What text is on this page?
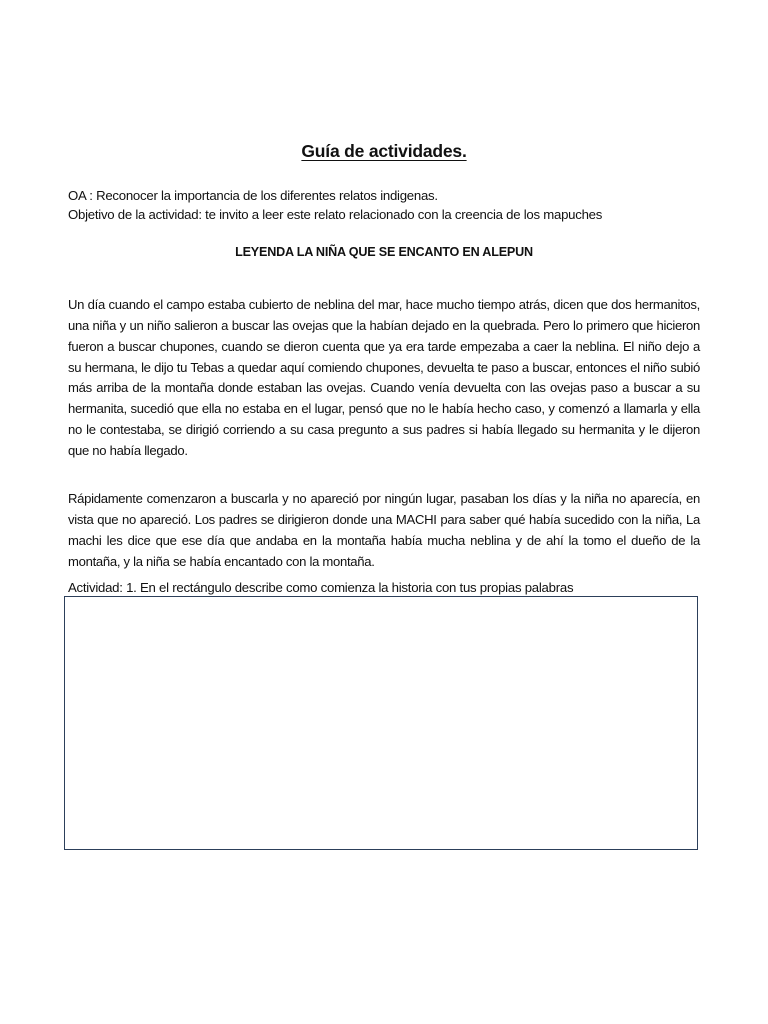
Guía de actividades.
OA : Reconocer la importancia de los diferentes relatos indigenas.
Objetivo de la actividad: te invito a leer este relato relacionado con la creencia de los mapuches
LEYENDA LA NIÑA QUE SE ENCANTO EN ALEPUN

Un día cuando el campo estaba cubierto de neblina del mar, hace mucho tiempo atrás, dicen que dos hermanitos, una niña y un niño salieron a buscar las ovejas que la habían dejado en la quebrada. Pero lo primero que hicieron fueron a buscar chupones, cuando se dieron cuenta que ya era tarde empezaba a caer la neblina. El niño dejo a su hermana, le dijo tu Tebas a quedar aquí comiendo chupones, devuelta te paso a buscar, entonces el niño subió más arriba de la montaña donde estaban las ovejas. Cuando venía devuelta con las ovejas paso a buscar a su hermanita, sucedió que ella no estaba en el lugar, pensó que no le había hecho caso, y comenzó a llamarla y ella no le contestaba, se dirigió corriendo a su casa pregunto a sus padres si había llegado su hermanita y le dijeron que no había llegado.

Rápidamente comenzaron a buscarla y no apareció por ningún lugar, pasaban los días y la niña no aparecía, en vista que no apareció. Los padres se dirigieron donde una MACHI para saber qué había sucedido con la niña, La machi les dice que ese día que andaba en la montaña había mucha neblina y de ahí la tomo el dueño de la montaña, y la niña se había encantado con la montaña.

Actividad: 1. En el rectángulo describe como comienza la historia con tus propias palabras
